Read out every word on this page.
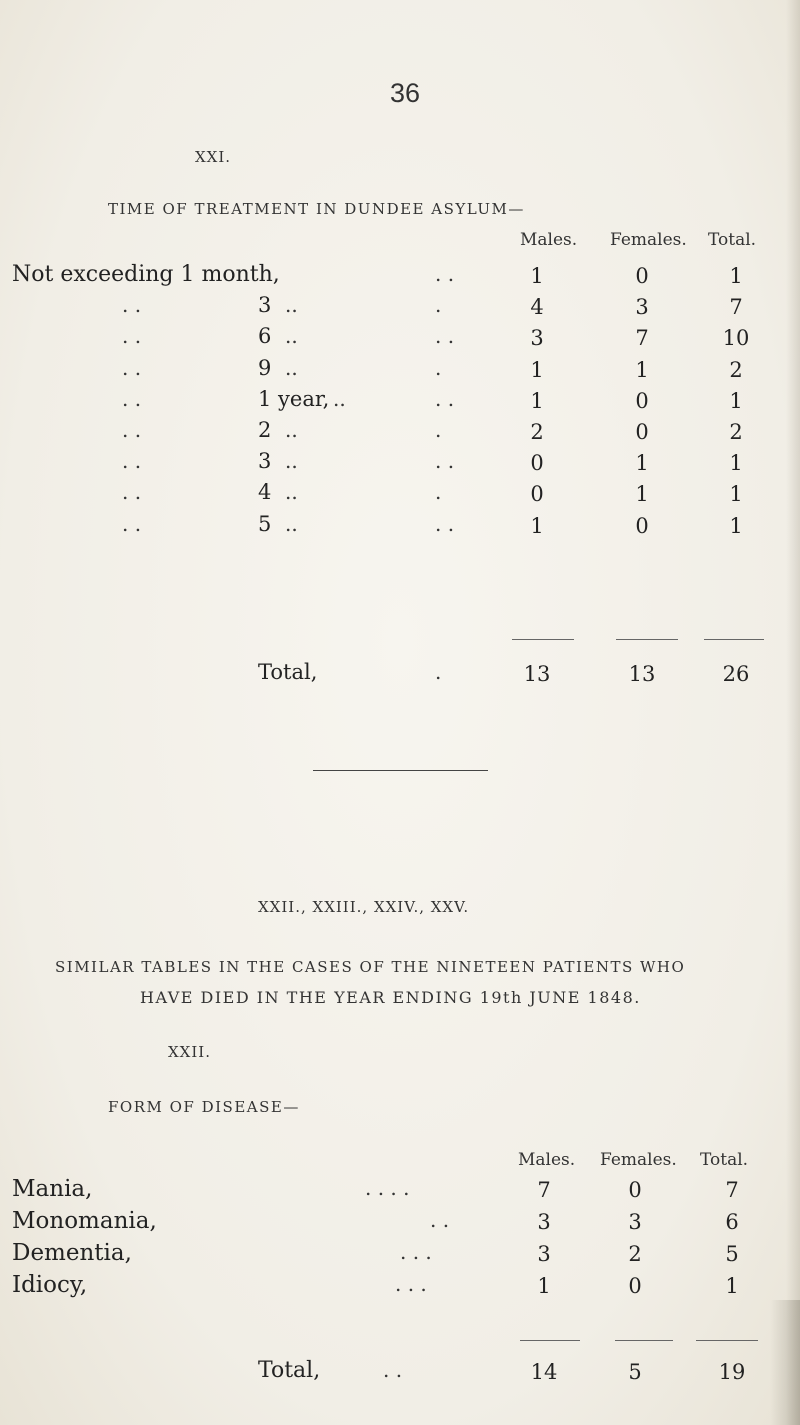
36
XXI.
TIME OF TREATMENT IN DUNDEE ASYLUM—
Males. Females. Total.
Not exceeding 1 month,	. .	1	0	1
. .	3 ..	.	4	3	7
. .	6 ..	. .	3	7	10
. .	9 ..	.	1	1	2
. .	1 year, ..	. .	1	0	1
. .	2 ..	.	2	0	2
. .	3 ..	. .	0	1	1
. .	4 ..	.	0	1	1
. .	5 ..	. .	1	0	1
Total,	.	13	13	26
XXII., XXIII., XXIV., XXV.
SIMILAR TABLES IN THE CASES OF THE NINETEEN PATIENTS WHO
HAVE DIED IN THE YEAR ENDING 19th JUNE 1848.
XXII.
FORM OF DISEASE—
Males. Females. Total.
Mania,	. . . .	7	0	7
Monomania,	. .	3	3	6
Dementia,	. . .	3	2	5
Idiocy,	. . .	1	0	1
Total,	. .	14	5	19
